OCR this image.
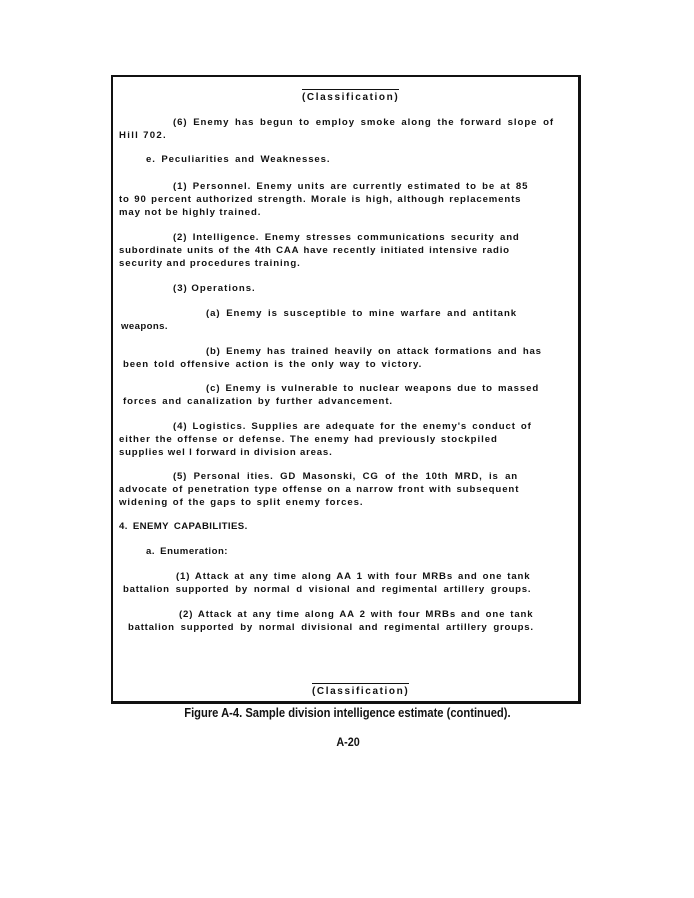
(Classification)
(6) Enemy has begun to employ smoke along the forward slope of
Hill 702.
e. Peculiarities and Weaknesses.
(1) Personnel. Enemy units are currently estimated to be at 85
to 90 percent authorized strength. Morale is high, although replacements
may not be highly trained.
(2) Intelligence. Enemy stresses communications security and
subordinate units of the 4th CAA have recently initiated intensive radio
security and procedures training.
(3) Operations.
(a) Enemy is susceptible to mine warfare and antitank
weapons.
(b) Enemy has trained heavily on attack formations and has
been told offensive action is the only way to victory.
(c) Enemy is vulnerable to nuclear weapons due to massed
forces and canalization by further advancement.
(4) Logistics. Supplies are adequate for the enemy's conduct of
either the offense or defense. The enemy had previously stockpiled
supplies wel l forward in division areas.
(5) Personal ities. GD Masonski, CG of the 10th MRD, is an
advocate of penetration type offense on a narrow front with subsequent
widening of the gaps to split enemy forces.
4. ENEMY CAPABILITIES.
a. Enumeration:
(1) Attack at any time along AA 1 with four MRBs and one tank
battalion supported by normal d visional and regimental artillery groups.
(2) Attack at any time along AA 2 with four MRBs and one tank
battalion supported by normal divisional and regimental artillery groups.
(Classification)
Figure A-4. Sample division intelligence estimate (continued).
A-20
